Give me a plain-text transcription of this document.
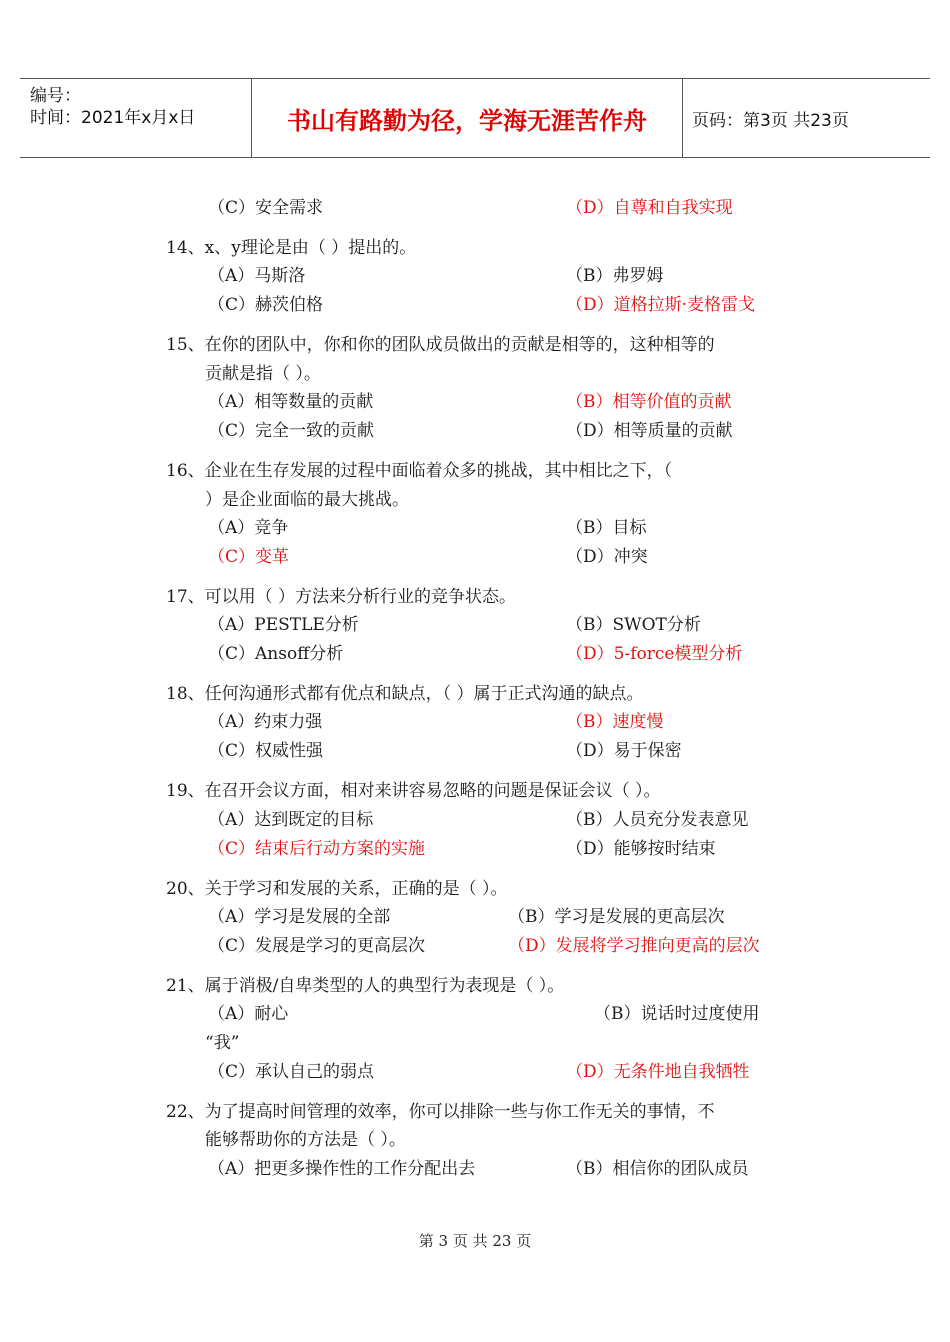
编号：
时间：2021年x月x日	书山有路勤为径，学海无涯苦作舟	页码：第3页 共23页
（C）安全需求	（D）自尊和自我实现
14、x、y理论是由（ ）提出的。
（A）马斯洛	（B）弗罗姆
（C）赫茨伯格	（D）道格拉斯·麦格雷戈
15、在你的团队中，你和你的团队成员做出的贡献是相等的，这种相等的
贡献是指（ ）。
（A）相等数量的贡献	（B）相等价值的贡献
（C）完全一致的贡献	（D）相等质量的贡献
16、企业在生存发展的过程中面临着众多的挑战，其中相比之下，（
）是企业面临的最大挑战。
（A）竞争	（B）目标
（C）变革	（D）冲突
17、可以用（ ）方法来分析行业的竞争状态。
（A）PESTLE分析	（B）SWOT分析
（C）Ansoff分析	（D）5-force模型分析
18、任何沟通形式都有优点和缺点，（ ）属于正式沟通的缺点。
（A）约束力强	（B）速度慢
（C）权威性强	（D）易于保密
19、在召开会议方面，相对来讲容易忽略的问题是保证会议（ ）。
（A）达到既定的目标	（B）人员充分发表意见
（C）结束后行动方案的实施	（D）能够按时结束
20、关于学习和发展的关系，正确的是（ ）。
（A）学习是发展的全部	（B）学习是发展的更高层次
（C）发展是学习的更高层次	（D）发展将学习推向更高的层次
21、属于消极/自卑类型的人的典型行为表现是（ ）。
（A）耐心	（B）说话时过度使用
“我”
（C）承认自己的弱点	（D）无条件地自我牺牲
22、为了提高时间管理的效率，你可以排除一些与你工作无关的事情，不
能够帮助你的方法是（ ）。
（A）把更多操作性的工作分配出去	（B）相信你的团队成员
第 3 页 共 23 页
